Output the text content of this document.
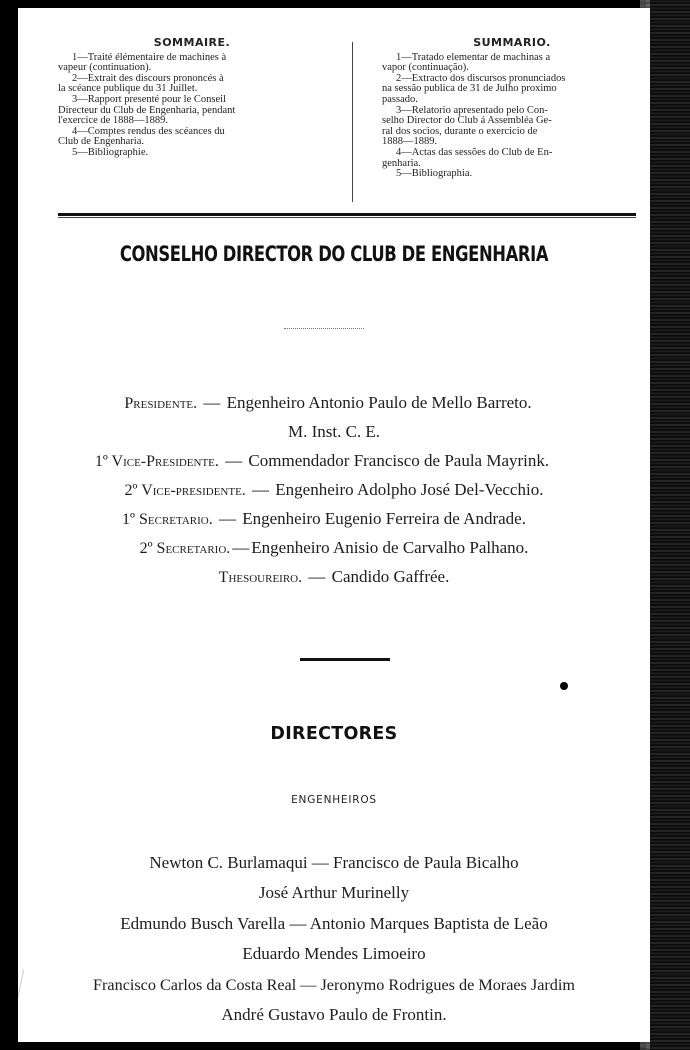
SOMMAIRE.
1—Traité élémentaire de machines à
vapeur (continuation).
2—Extrait des discours prononcés à
la scéance publique du 31 Juillet.
3—Rapport presenté pour le Conseil
Directeur du Club de Engenharia, pendant
l'exercice de 1888—1889.
4—Comptes rendus des scéances du
Club de Engenharia.
5—Bibliographie.
SUMMARIO.
1—Tratado elementar de machinas a
vapor (continuação).
2—Extracto dos discursos pronunciados
na sessão publica de 31 de Julho proximo
passado.
3—Relatorio apresentado pelo Con-
selho Director do Club á Assembléa Ge-
ral dos socios, durante o exercicio de
1888—1889.
4—Actas das sessões do Club de En-
genharia.
5—Bibliographia.
CONSELHO DIRECTOR DO CLUB DE ENGENHARIA
Presidente. — Engenheiro Antonio Paulo de Mello Barreto.
M. Inst. C. E.
1º Vice-Presidente. — Commendador Francisco de Paula Mayrink.
2º Vice-presidente. — Engenheiro Adolpho José Del-Vecchio.
1º Secretario. — Engenheiro Eugenio Ferreira de Andrade.
2º Secretario. — Engenheiro Anisio de Carvalho Palhano.
Thesoureiro. — Candido Gaffrée.
DIRECTORES
ENGENHEIROS
Newton C. Burlamaqui — Francisco de Paula Bicalho
José Arthur Murinelly
Edmundo Busch Varella — Antonio Marques Baptista de Leão
Eduardo Mendes Limoeiro
Francisco Carlos da Costa Real — Jeronymo Rodrigues de Moraes Jardim
André Gustavo Paulo de Frontin.
